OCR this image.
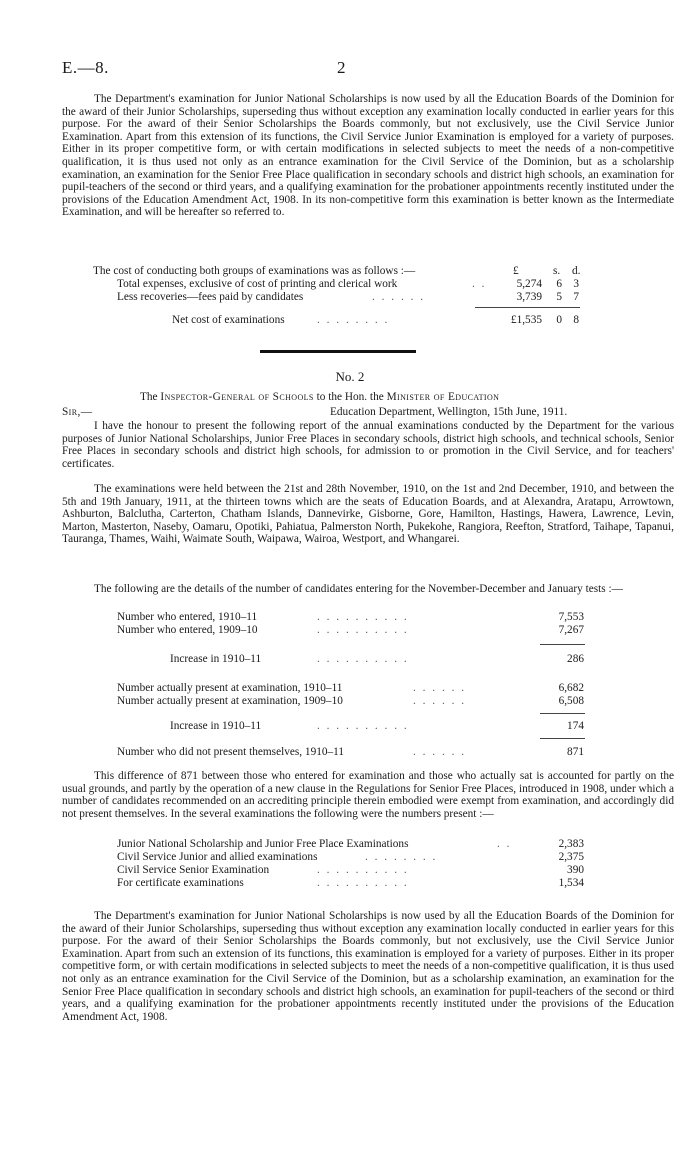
E.—8.	2

The Department's examination for Junior National Scholarships is now used by all the Education Boards of the Dominion for the award of their Junior Scholarships, superseding thus without exception any examination locally conducted in earlier years for this purpose. For the award of their Senior Scholarships the Boards commonly, but not exclusively, use the Civil Service Junior Examination. Apart from this extension of its functions, the Civil Service Junior Examination is employed for a variety of purposes. Either in its proper competitive form, or with certain modifications in selected subjects to meet the needs of a non-competitive qualification, it is thus used not only as an entrance examination for the Civil Service of the Dominion, but as a scholarship examination, an examination for the Senior Free Place qualification in secondary schools and district high schools, an examination for pupil-teachers of the second or third years, and a qualifying examination for the probationer appointments recently instituted under the provisions of the Education Amendment Act, 1908. In its non-competitive form this examination is better known as the Intermediate Examination, and will be hereafter so referred to.

The cost of conducting both groups of examinations was as follows :—	£	s. d.
Total expenses, exclusive of cost of printing and clerical work	. .	5,274	6	3
Less recoveries—fees paid by candidates	. . . . . .	3,739	5	7
Net cost of examinations	. . . . . . . .	£1,535	0	8
No. 2
The Inspector-General of Schools to the Hon. the Minister of Education
Sir,—	Education Department, Wellington, 15th June, 1911.

I have the honour to present the following report of the annual examinations conducted by the Department for the various purposes of Junior National Scholarships, Junior Free Places in secondary schools, district high schools, and technical schools, Senior Free Places in secondary schools and district high schools, for admission to or promotion in the Civil Service, and for teachers' certificates.

The examinations were held between the 21st and 28th November, 1910, on the 1st and 2nd December, 1910, and between the 5th and 19th January, 1911, at the thirteen towns which are the seats of Education Boards, and at Alexandra, Aratapu, Arrowtown, Ashburton, Balclutha, Carterton, Chatham Islands, Dannevirke, Gisborne, Gore, Hamilton, Hastings, Hawera, Lawrence, Levin, Marton, Masterton, Naseby, Oamaru, Opotiki, Pahiatua, Palmerston North, Pukekohe, Rangiora, Reefton, Stratford, Taihape, Tapanui, Tauranga, Thames, Waihi, Waimate South, Waipawa, Wairoa, Westport, and Whangarei.

The following are the details of the number of candidates entering for the November-December and January tests :—

Number who entered, 1910–11	. . . . . . . . . .	7,553
Number who entered, 1909–10	. . . . . . . . . .	7,267
Increase in 1910–11	. . . . . . . . . .	286
Number actually present at examination, 1910–11	. . . . . .	6,682
Number actually present at examination, 1909–10	. . . . . .	6,508
Increase in 1910–11	. . . . . . . . . .	174
Number who did not present themselves, 1910–11	. . . . . .	871

This difference of 871 between those who entered for examination and those who actually sat is accounted for partly on the usual grounds, and partly by the operation of a new clause in the Regulations for Senior Free Places, introduced in 1908, under which a number of candidates recommended on an accrediting principle therein embodied were exempt from examination, and accordingly did not present themselves. In the several examinations the following were the numbers present :—

Junior National Scholarship and Junior Free Place Examinations	. .	2,383
Civil Service Junior and allied examinations	. . . . . . . .	2,375
Civil Service Senior Examination	. . . . . . . . . .	390
For certificate examinations	. . . . . . . . . .	1,534

The Department's examination for Junior National Scholarships is now used by all the Education Boards of the Dominion for the award of their Junior Scholarships, superseding thus without exception any examination locally conducted in earlier years for this purpose. For the award of their Senior Scholarships the Boards commonly, but not exclusively, use the Civil Service Junior Examination. Apart from such an extension of its functions, this examination is employed for a variety of purposes. Either in its proper competitive form, or with certain modifications in selected subjects to meet the needs of a non-competitive qualification, it is thus used not only as an entrance examination for the Civil Service of the Dominion, but as a scholarship examination, an examination for the Senior Free Place qualification in secondary schools and district high schools, an examination for pupil-teachers of the second or third years, and a qualifying examination for the probationer appointments recently instituted under the provisions of the Education Amendment Act, 1908.
